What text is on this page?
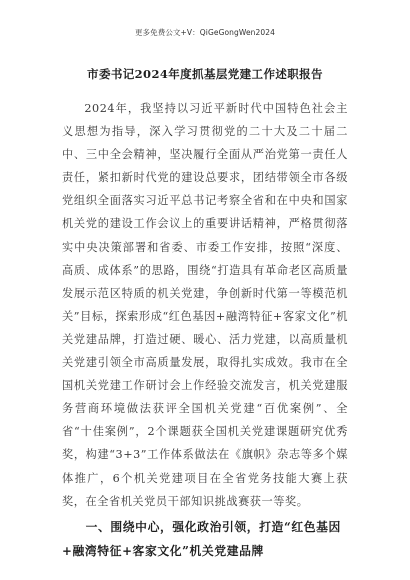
更多免费公文+V：QiGeGongWen2024
市委书记2024年度抓基层党建工作述职报告

2024年，我坚持以习近平新时代中国特色社会主义思想为指导，深入学习贯彻党的二十大及二十届二中、三中全会精神，坚决履行全面从严治党第一责任人责任，紧扣新时代党的建设总要求，团结带领全市各级党组织全面落实习近平总书记考察全省和在中央和国家机关党的建设工作会议上的重要讲话精神，严格贯彻落实中央决策部署和省委、市委工作安排，按照“深度、高质、成体系”的思路，围绕“打造具有革命老区高质量发展示范区特质的机关党建，争创新时代第一等模范机关”目标，探索形成“红色基因+融湾特征+客家文化”机关党建品牌，打造过硬、暖心、活力党建，以高质量机关党建引领全市高质量发展，取得扎实成效。我市在全国机关党建工作研讨会上作经验交流发言，机关党建服务营商环境做法获评全国机关党建“百优案例”、全省“十佳案例”，2个课题获全国机关党建课题研究优秀奖，构建“3+3”工作体系做法在《旗帜》杂志等多个媒体推广，6个机关党建项目在全省党务技能大赛上获奖，在全省机关党员干部知识挑战赛获一等奖。

一、围绕中心，强化政治引领，打造“红色基因+融湾特征+客家文化”机关党建品牌
